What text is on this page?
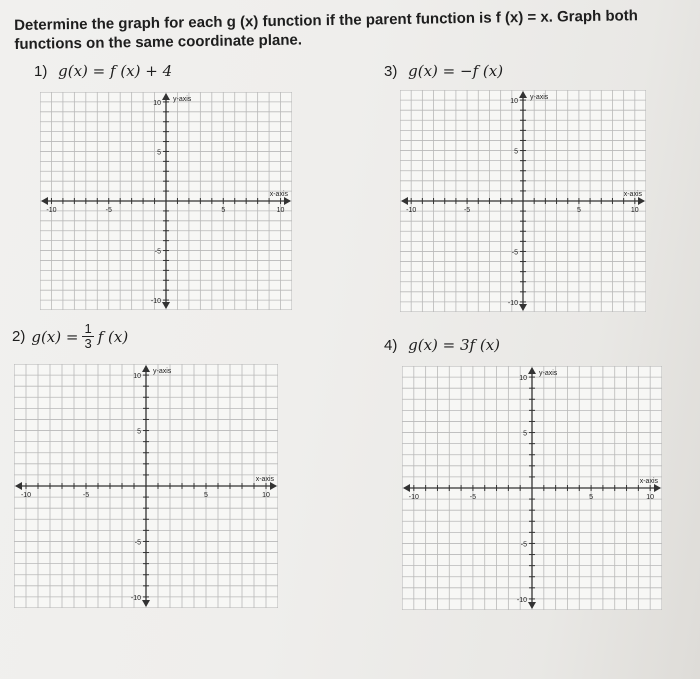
Determine the graph for each g (x) function if the parent function is f (x) = x. Graph both
functions on the same coordinate plane.
1) g(x) = f (x) + 4	3) g(x) = −f (x)
2) $g(x) = \frac{1}{3}$ f (x)	4) g(x) = 3f (x)
-10	-5	5	10
10
5
-5
-10
y-axis
x-axis
-10	-5	5	10
10
5
-5
-10
y-axis
x-axis
-10	-5	5	10
10
5
-5
-10
y-axis
x-axis
-10	-5	5	10
10
5
-5
-10
y-axis
x-axis
